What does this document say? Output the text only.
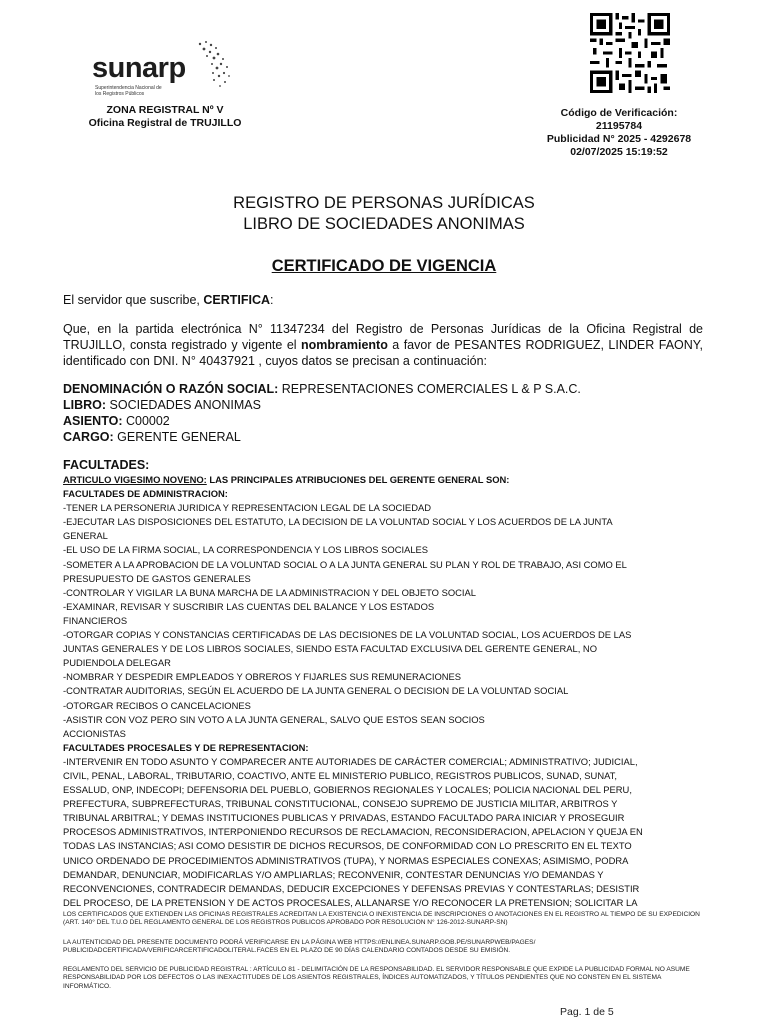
sunarp
Superintendencia Nacional de los Registros Públicos
ZONA REGISTRAL Nº V
Oficina Registral de TRUJILLO
Código de Verificación:
21195784
Publicidad N° 2025 - 4292678
02/07/2025 15:19:52
REGISTRO DE PERSONAS JURÍDICAS
LIBRO DE SOCIEDADES ANONIMAS
CERTIFICADO DE VIGENCIA
El servidor que suscribe, CERTIFICA:
Que, en la partida electrónica N° 11347234 del Registro de Personas Jurídicas de la Oficina Registral de TRUJILLO, consta registrado y vigente el nombramiento a favor de PESANTES RODRIGUEZ, LINDER FAONY, identificado con DNI. N° 40437921 , cuyos datos se precisan a continuación:
DENOMINACIÓN O RAZÓN SOCIAL: REPRESENTACIONES COMERCIALES L & P S.A.C.
LIBRO: SOCIEDADES ANONIMAS
ASIENTO: C00002
CARGO: GERENTE GENERAL
FACULTADES:
ARTICULO VIGESIMO NOVENO: LAS PRINCIPALES ATRIBUCIONES DEL GERENTE GENERAL SON:
FACULTADES DE ADMINISTRACION:
-TENER LA PERSONERIA JURIDICA Y REPRESENTACION LEGAL DE LA SOCIEDAD
-EJECUTAR LAS DISPOSICIONES DEL ESTATUTO, LA DECISION DE LA VOLUNTAD SOCIAL Y LOS ACUERDOS DE LA JUNTA
GENERAL
-EL USO DE LA FIRMA SOCIAL, LA CORRESPONDENCIA Y LOS LIBROS SOCIALES
-SOMETER A LA APROBACION DE LA VOLUNTAD SOCIAL O A LA JUNTA GENERAL SU PLAN Y ROL DE TRABAJO, ASI COMO EL
PRESUPUESTO DE GASTOS GENERALES
-CONTROLAR Y VIGILAR LA BUNA MARCHA DE LA ADMINISTRACION Y DEL OBJETO SOCIAL
-EXAMINAR, REVISAR Y SUSCRIBIR LAS CUENTAS DEL BALANCE Y LOS ESTADOS
FINANCIEROS
-OTORGAR COPIAS Y CONSTANCIAS CERTIFICADAS DE LAS DECISIONES DE LA VOLUNTAD SOCIAL, LOS ACUERDOS DE LAS
JUNTAS GENERALES Y DE LOS LIBROS SOCIALES, SIENDO ESTA FACULTAD EXCLUSIVA DEL GERENTE GENERAL, NO
PUDIENDOLA DELEGAR
-NOMBRAR Y DESPEDIR EMPLEADOS Y OBREROS Y FIJARLES SUS REMUNERACIONES
-CONTRATAR AUDITORIAS, SEGÚN EL ACUERDO DE LA JUNTA GENERAL O DECISION DE LA VOLUNTAD SOCIAL
-OTORGAR RECIBOS O CANCELACIONES
-ASISTIR CON VOZ PERO SIN VOTO A LA JUNTA GENERAL, SALVO QUE ESTOS SEAN SOCIOS
ACCIONISTAS
FACULTADES PROCESALES Y DE REPRESENTACION:
-INTERVENIR EN TODO ASUNTO Y COMPARECER ANTE AUTORIADES DE CARÁCTER COMERCIAL; ADMINISTRATIVO; JUDICIAL,
CIVIL, PENAL, LABORAL, TRIBUTARIO, COACTIVO, ANTE EL MINISTERIO PUBLICO, REGISTROS PUBLICOS, SUNAD, SUNAT,
ESSALUD, ONP, INDECOPI; DEFENSORIA DEL PUEBLO, GOBIERNOS REGIONALES Y LOCALES; POLICIA NACIONAL DEL PERU,
PREFECTURA, SUBPREFECTURAS, TRIBUNAL CONSTITUCIONAL, CONSEJO SUPREMO DE JUSTICIA MILITAR, ARBITROS Y
TRIBUNAL ARBITRAL; Y DEMAS INSTITUCIONES PUBLICAS Y PRIVADAS, ESTANDO FACULTADO PARA INICIAR Y PROSEGUIR
PROCESOS ADMINISTRATIVOS, INTERPONIENDO RECURSOS DE RECLAMACION, RECONSIDERACION, APELACION Y QUEJA EN
TODAS LAS INSTANCIAS; ASI COMO DESISTIR DE DICHOS RECURSOS, DE CONFORMIDAD CON LO PRESCRITO EN EL TEXTO
UNICO ORDENADO DE PROCEDIMIENTOS ADMINISTRATIVOS (TUPA), Y NORMAS ESPECIALES CONEXAS; ASIMISMO, PODRA
DEMANDAR, DENUNCIAR, MODIFICARLAS Y/O AMPLIARLAS; RECONVENIR, CONTESTAR DENUNCIAS Y/O DEMANDAS Y
RECONVENCIONES, CONTRADECIR DEMANDAS, DEDUCIR EXCEPCIONES Y DEFENSAS PREVIAS Y CONTESTARLAS; DESISTIR
DEL PROCESO, DE LA PRETENSION Y DE ACTOS PROCESALES, ALLANARSE Y/O RECONOCER LA PRETENSION; SOLICITAR LA
LOS CERTIFICADOS QUE EXTIENDEN LAS OFICINAS REGISTRALES ACREDITAN LA EXISTENCIA O INEXISTENCIA DE INSCRIPCIONES O ANOTACIONES EN EL REGISTRO AL TIEMPO DE SU EXPEDICION (ART. 140° DEL T.U.O DEL REGLAMENTO GENERAL DE LOS REGISTROS PUBLICOS APROBADO POR RESOLUCION N° 126-2012-SUNARP-SN)
LA AUTENTICIDAD DEL PRESENTE DOCUMENTO PODRÁ VERIFICARSE EN LA PÁGINA WEB HTTPS://ENLINEA.SUNARP.GOB.PE/SUNARPWEB/PAGES/ PUBLICIDADCERTIFICADA/VERIFICARCERTIFICADOLITERAL.FACES EN EL PLAZO DE 90 DÍAS CALENDARIO CONTADOS DESDE SU EMISIÓN.
REGLAMENTO DEL SERVICIO DE PUBLICIDAD REGISTRAL : ARTÍCULO 81 - DELIMITACIÓN DE LA RESPONSABILIDAD. EL SERVIDOR RESPONSABLE QUE EXPIDE LA PUBLICIDAD FORMAL NO ASUME RESPONSABILIDAD POR LOS DEFECTOS O LAS INEXACTITUDES DE LOS ASIENTOS REGISTRALES, ÍNDICES AUTOMATIZADOS, Y TÍTULOS PENDIENTES QUE NO CONSTEN EN EL SISTEMA INFORMÁTICO.
Pag. 1 de 5
